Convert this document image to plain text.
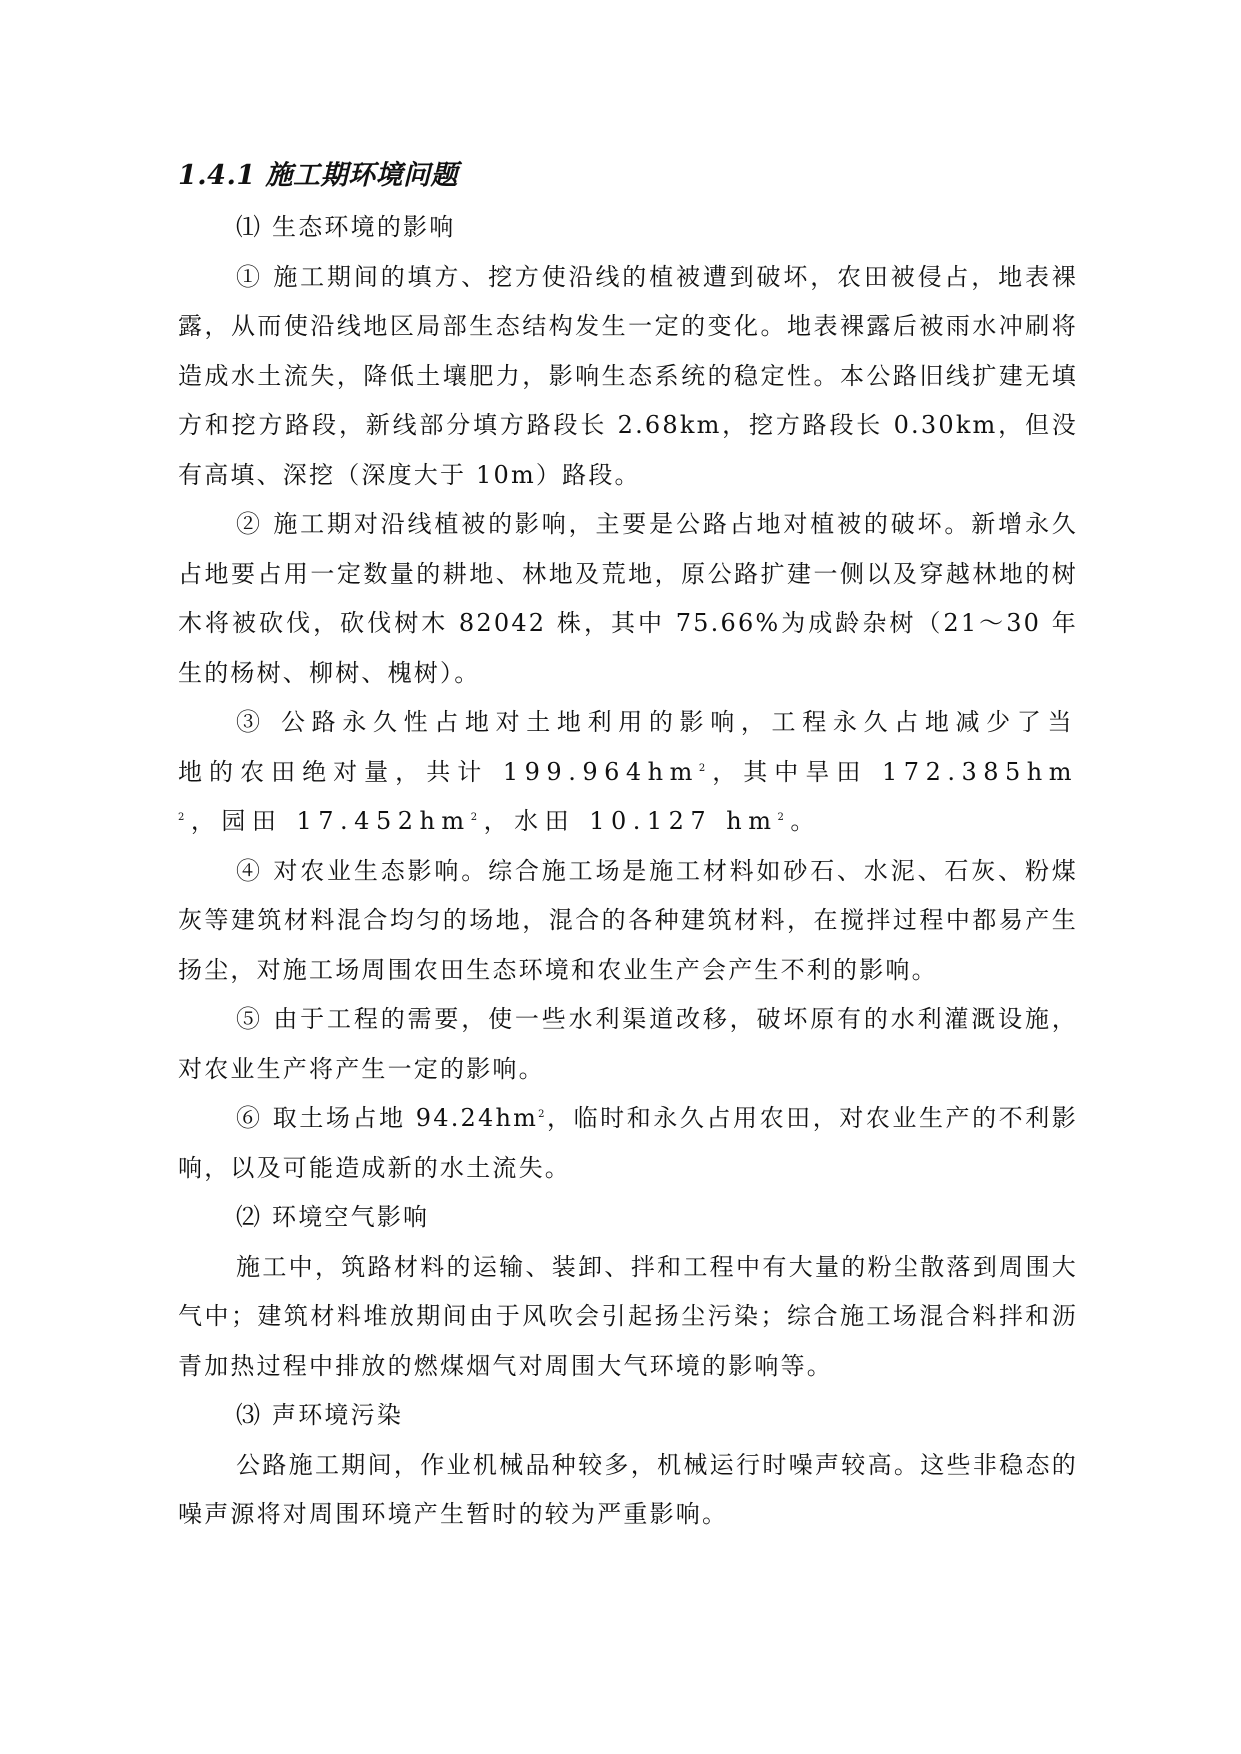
1.4.1 施工期环境问题

⑴ 生态环境的影响

① 施工期间的填方、挖方使沿线的植被遭到破坏，农田被侵占，地表裸露，从而使沿线地区局部生态结构发生一定的变化。地表裸露后被雨水冲刷将造成水土流失，降低土壤肥力，影响生态系统的稳定性。本公路旧线扩建无填方和挖方路段，新线部分填方路段长 2.68km，挖方路段长 0.30km，但没有高填、深挖（深度大于 10m）路段。

② 施工期对沿线植被的影响，主要是公路占地对植被的破坏。新增永久占地要占用一定数量的耕地、林地及荒地，原公路扩建一侧以及穿越林地的树木将被砍伐，砍伐树木 82042 株，其中 75.66%为成龄杂树（21～30 年生的杨树、柳树、槐树）。

③ 公路永久性占地对土地利用的影响，工程永久占地减少了当地的农田绝对量，共计 $199.964hm^2$，其中旱田 $172.385hm^2$，园田 $17.452hm^2$，水田 10.127 $hm^2$。

④ 对农业生态影响。综合施工场是施工材料如砂石、水泥、石灰、粉煤灰等建筑材料混合均匀的场地，混合的各种建筑材料，在搅拌过程中都易产生扬尘，对施工场周围农田生态环境和农业生产会产生不利的影响。

⑤ 由于工程的需要，使一些水利渠道改移，破坏原有的水利灌溉设施，对农业生产将产生一定的影响。

⑥ 取土场占地 $94.24hm^2$，临时和永久占用农田，对农业生产的不利影响，以及可能造成新的水土流失。

⑵ 环境空气影响

施工中，筑路材料的运输、装卸、拌和工程中有大量的粉尘散落到周围大气中；建筑材料堆放期间由于风吹会引起扬尘污染；综合施工场混合料拌和沥青加热过程中排放的燃煤烟气对周围大气环境的影响等。

⑶ 声环境污染

公路施工期间，作业机械品种较多，机械运行时噪声较高。这些非稳态的噪声源将对周围环境产生暂时的较为严重影响。
